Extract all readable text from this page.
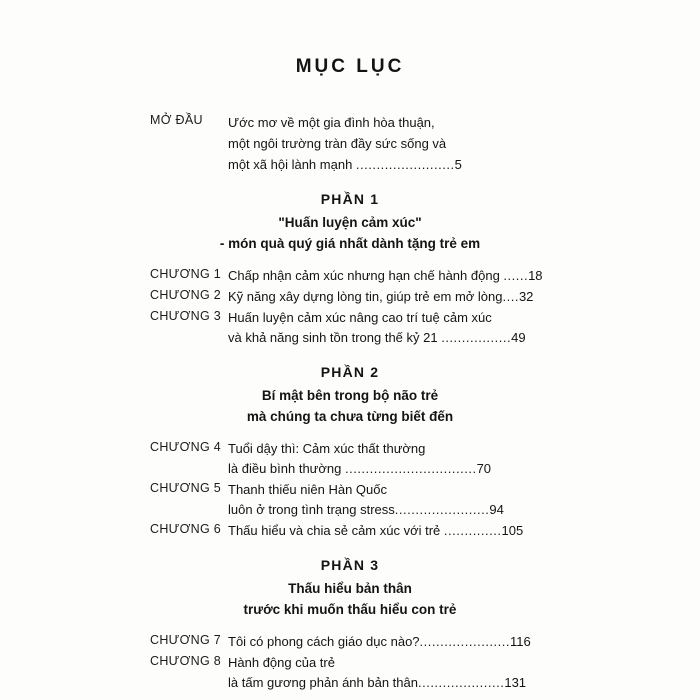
MỤC LỤC
MỞ ĐẦU	Ước mơ về một gia đình hòa thuận,
một ngôi trường tràn đầy sức sống và
một xã hội lành mạnh ........................5
PHẦN 1
"Huấn luyện cảm xúc"
- món quà quý giá nhất dành tặng trẻ em
CHƯƠNG 1 Chấp nhận cảm xúc nhưng hạn chế hành động ......18
CHƯƠNG 2 Kỹ năng xây dựng lòng tin, giúp trẻ em mở lòng....32
CHƯƠNG 3 Huấn luyện cảm xúc nâng cao trí tuệ cảm xúc
và khả năng sinh tồn trong thế kỷ 21 .................49
PHẦN 2
Bí mật bên trong bộ não trẻ
mà chúng ta chưa từng biết đến
CHƯƠNG 4 Tuổi dậy thì: Cảm xúc thất thường
là điều bình thường ................................70
CHƯƠNG 5 Thanh thiếu niên Hàn Quốc
luôn ở trong tình trạng stress.......................94
CHƯƠNG 6 Thấu hiểu và chia sẻ cảm xúc với trẻ ..............105
PHẦN 3
Thấu hiểu bản thân
trước khi muốn thấu hiểu con trẻ
CHƯƠNG 7 Tôi có phong cách giáo dục nào?......................116
CHƯƠNG 8 Hành động của trẻ
là tấm gương phản ánh bản thân.....................131
